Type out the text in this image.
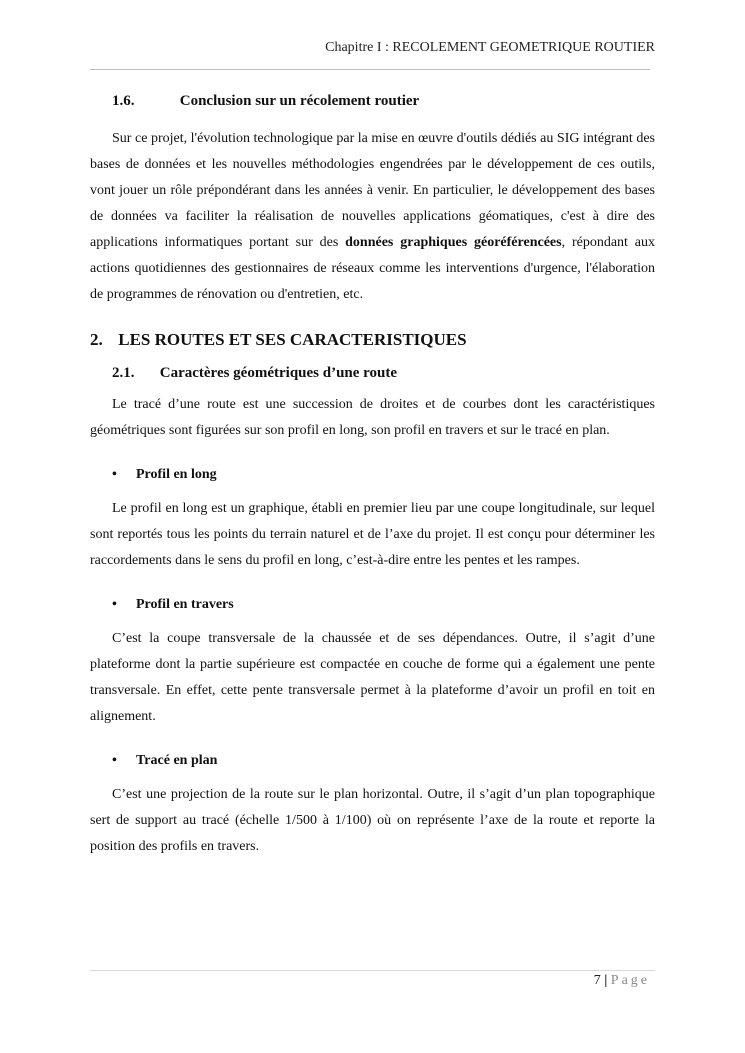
Chapitre I : RECOLEMENT GEOMETRIQUE ROUTIER
1.6.	Conclusion sur un récolement routier

Sur ce projet, l'évolution technologique par la mise en œuvre d'outils dédiés au SIG intégrant des bases de données et les nouvelles méthodologies engendrées par le développement de ces outils, vont jouer un rôle prépondérant dans les années à venir. En particulier, le développement des bases de données va faciliter la réalisation de nouvelles applications géomatiques, c'est à dire des applications informatiques portant sur des données graphiques géoréférencées, répondant aux actions quotidiennes des gestionnaires de réseaux comme les interventions d'urgence, l'élaboration de programmes de rénovation ou d'entretien, etc.

2. LES ROUTES ET SES CARACTERISTIQUES
2.1. Caractères géométriques d’une route

Le tracé d’une route est une succession de droites et de courbes dont les caractéristiques géométriques sont figurées sur son profil en long, son profil en travers et sur le tracé en plan.

• Profil en long

Le profil en long est un graphique, établi en premier lieu par une coupe longitudinale, sur lequel sont reportés tous les points du terrain naturel et de l’axe du projet. Il est conçu pour déterminer les raccordements dans le sens du profil en long, c’est-à-dire entre les pentes et les rampes.

• Profil en travers

C’est la coupe transversale de la chaussée et de ses dépendances. Outre, il s’agit d’une plateforme dont la partie supérieure est compactée en couche de forme qui a également une pente transversale. En effet, cette pente transversale permet à la plateforme d’avoir un profil en toit en alignement.

• Tracé en plan

C’est une projection de la route sur le plan horizontal. Outre, il s’agit d’un plan topographique sert de support au tracé (échelle 1/500 à 1/100) où on représente l’axe de la route et reporte la position des profils en travers.

7 | Page
